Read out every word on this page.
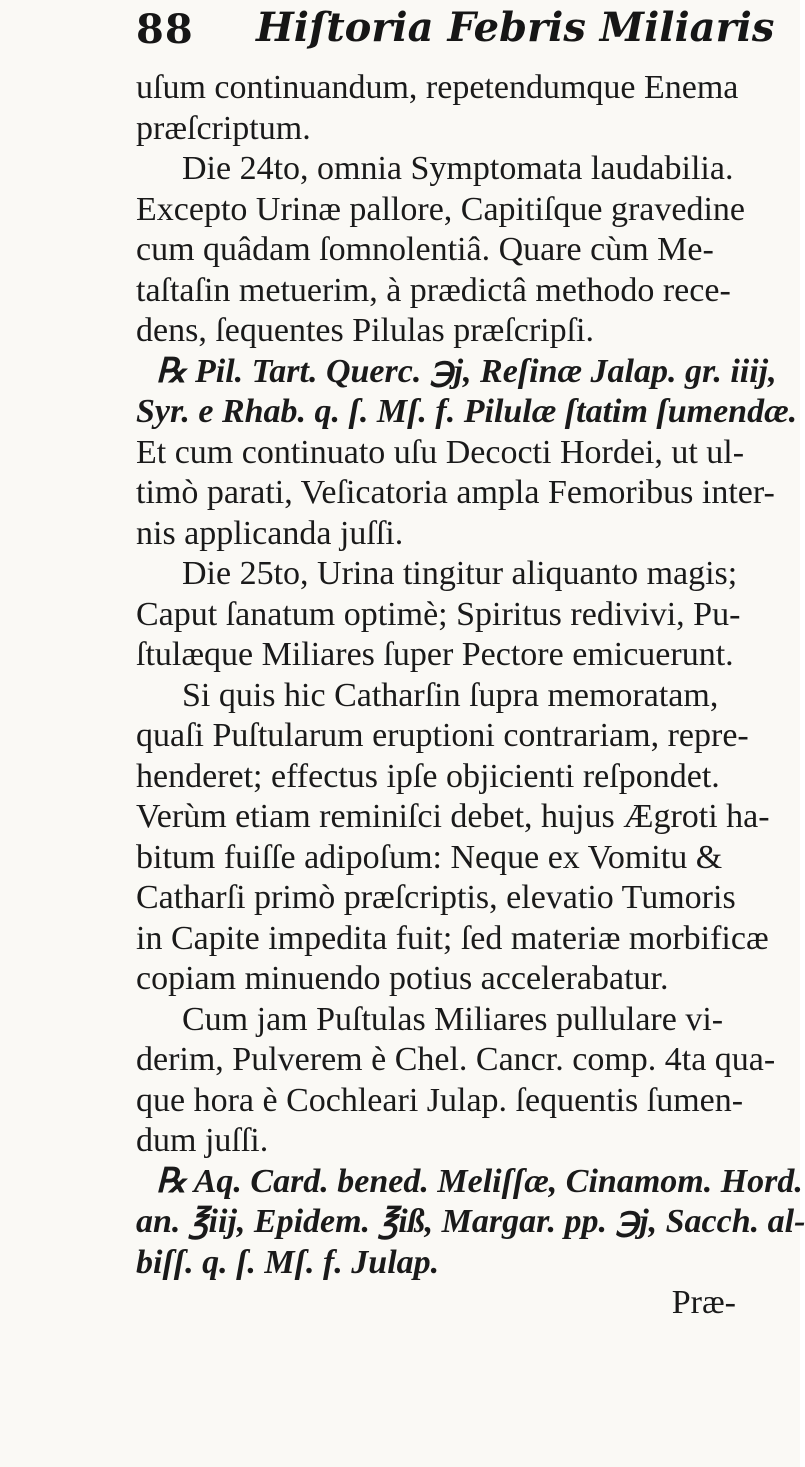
88 Hiſtoria Febris Miliaris
uſum continuandum, repetendumque Enema
præſcriptum.
Die 24to, omnia Symptomata laudabilia.
Excepto Urinæ pallore, Capitiſque gravedine
cum quâdam ſomnolentiâ. Quare cùm Me-
taſtaſin metuerim, à prædictâ methodo rece-
dens, ſequentes Pilulas præſcripſi.
℞ Pil. Tart. Querc. ℈j, Reſinæ Jalap. gr. iiij,
Syr. e Rhab. q. ſ. Mſ. f. Pilulæ ſtatim ſumendæ.
Et cum continuato uſu Decocti Hordei, ut ul-
timò parati, Veſicatoria ampla Femoribus inter-
nis applicanda juſſi.
Die 25to, Urina tingitur aliquanto magis;
Caput ſanatum optimè; Spiritus redivivi, Pu-
ſtulæque Miliares ſuper Pectore emicuerunt.
Si quis hic Catharſin ſupra memoratam,
quaſi Puſtularum eruptioni contrariam, repre-
henderet; effectus ipſe objicienti reſpondet.
Verùm etiam reminiſci debet, hujus Ægroti ha-
bitum fuiſſe adipoſum: Neque ex Vomitu &
Catharſi primò præſcriptis, elevatio Tumoris
in Capite impedita fuit; ſed materiæ morbificæ
copiam minuendo potius accelerabatur.
Cum jam Puſtulas Miliares pullulare vi-
derim, Pulverem è Chel. Cancr. comp. 4ta qua-
que hora è Cochleari Julap. ſequentis ſumen-
dum juſſi.
℞ Aq. Card. bened. Meliſſæ, Cinamom. Hord.
an. ℥iij, Epidem. ℥iß, Margar. pp. ℈j, Sacch. al-
biſſ. q. ſ. Mſ. f. Julap.
Præ-
